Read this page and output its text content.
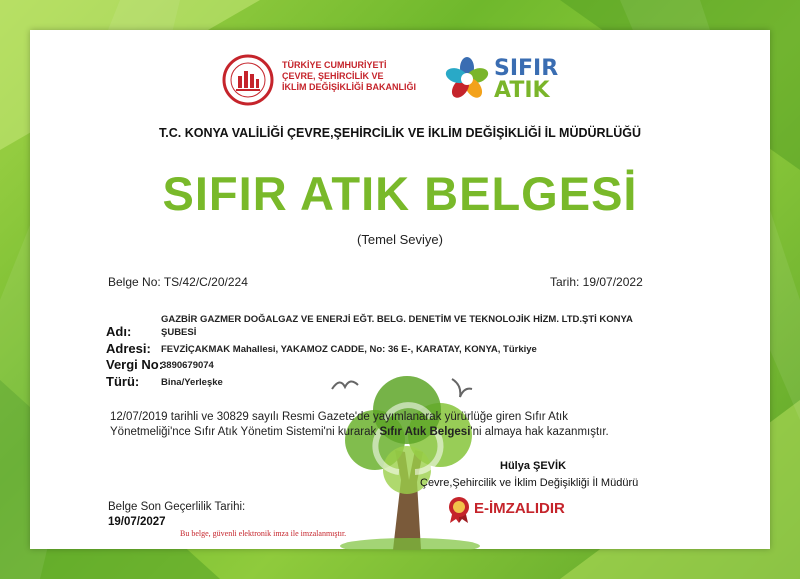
TÜRKİYE CUMHURİYETİ
ÇEVRE, ŞEHİRCİLİK VE
İKLİM DEĞİŞİKLİĞİ BAKANLIĞI
SIFIR
ATIK
T.C. KONYA VALİLİĞİ ÇEVRE,ŞEHİRCİLİK VE İKLİM DEĞİŞİKLİĞİ İL MÜDÜRLÜĞÜ
SIFIR ATIK BELGESİ
(Temel Seviye)
Belge No: TS/42/C/20/224	Tarih: 19/07/2022
GAZBİR GAZMER DOĞALGAZ VE ENERJİ EĞT. BELG. DENETİM VE TEKNOLOJİK HİZM. LTD.ŞTİ KONYA
Adı:	ŞUBESİ
Adresi: FEVZİÇAKMAK Mahallesi, YAKAMOZ CADDE, No: 36 E-, KARATAY, KONYA, Türkiye
Vergi No:
3890679074
Türü: Bina/Yerleşke
12/07/2019 tarihli ve 30829 sayılı Resmi Gazete'de yayımlanarak yürürlüğe giren Sıfır Atık
Yönetmeliği'nce Sıfır Atık Yönetim Sistemi'ni kurarak Sıfır Atık Belgesi'ni almaya hak kazanmıştır.
Hülya ŞEVİK
Çevre,Şehircilik ve İklim Değişikliği İl Müdürü
E-İMZALIDIR
Belge Son Geçerlilik Tarihi:
19/07/2027
Bu belge, güvenli elektronik imza ile imzalanmıştır.
